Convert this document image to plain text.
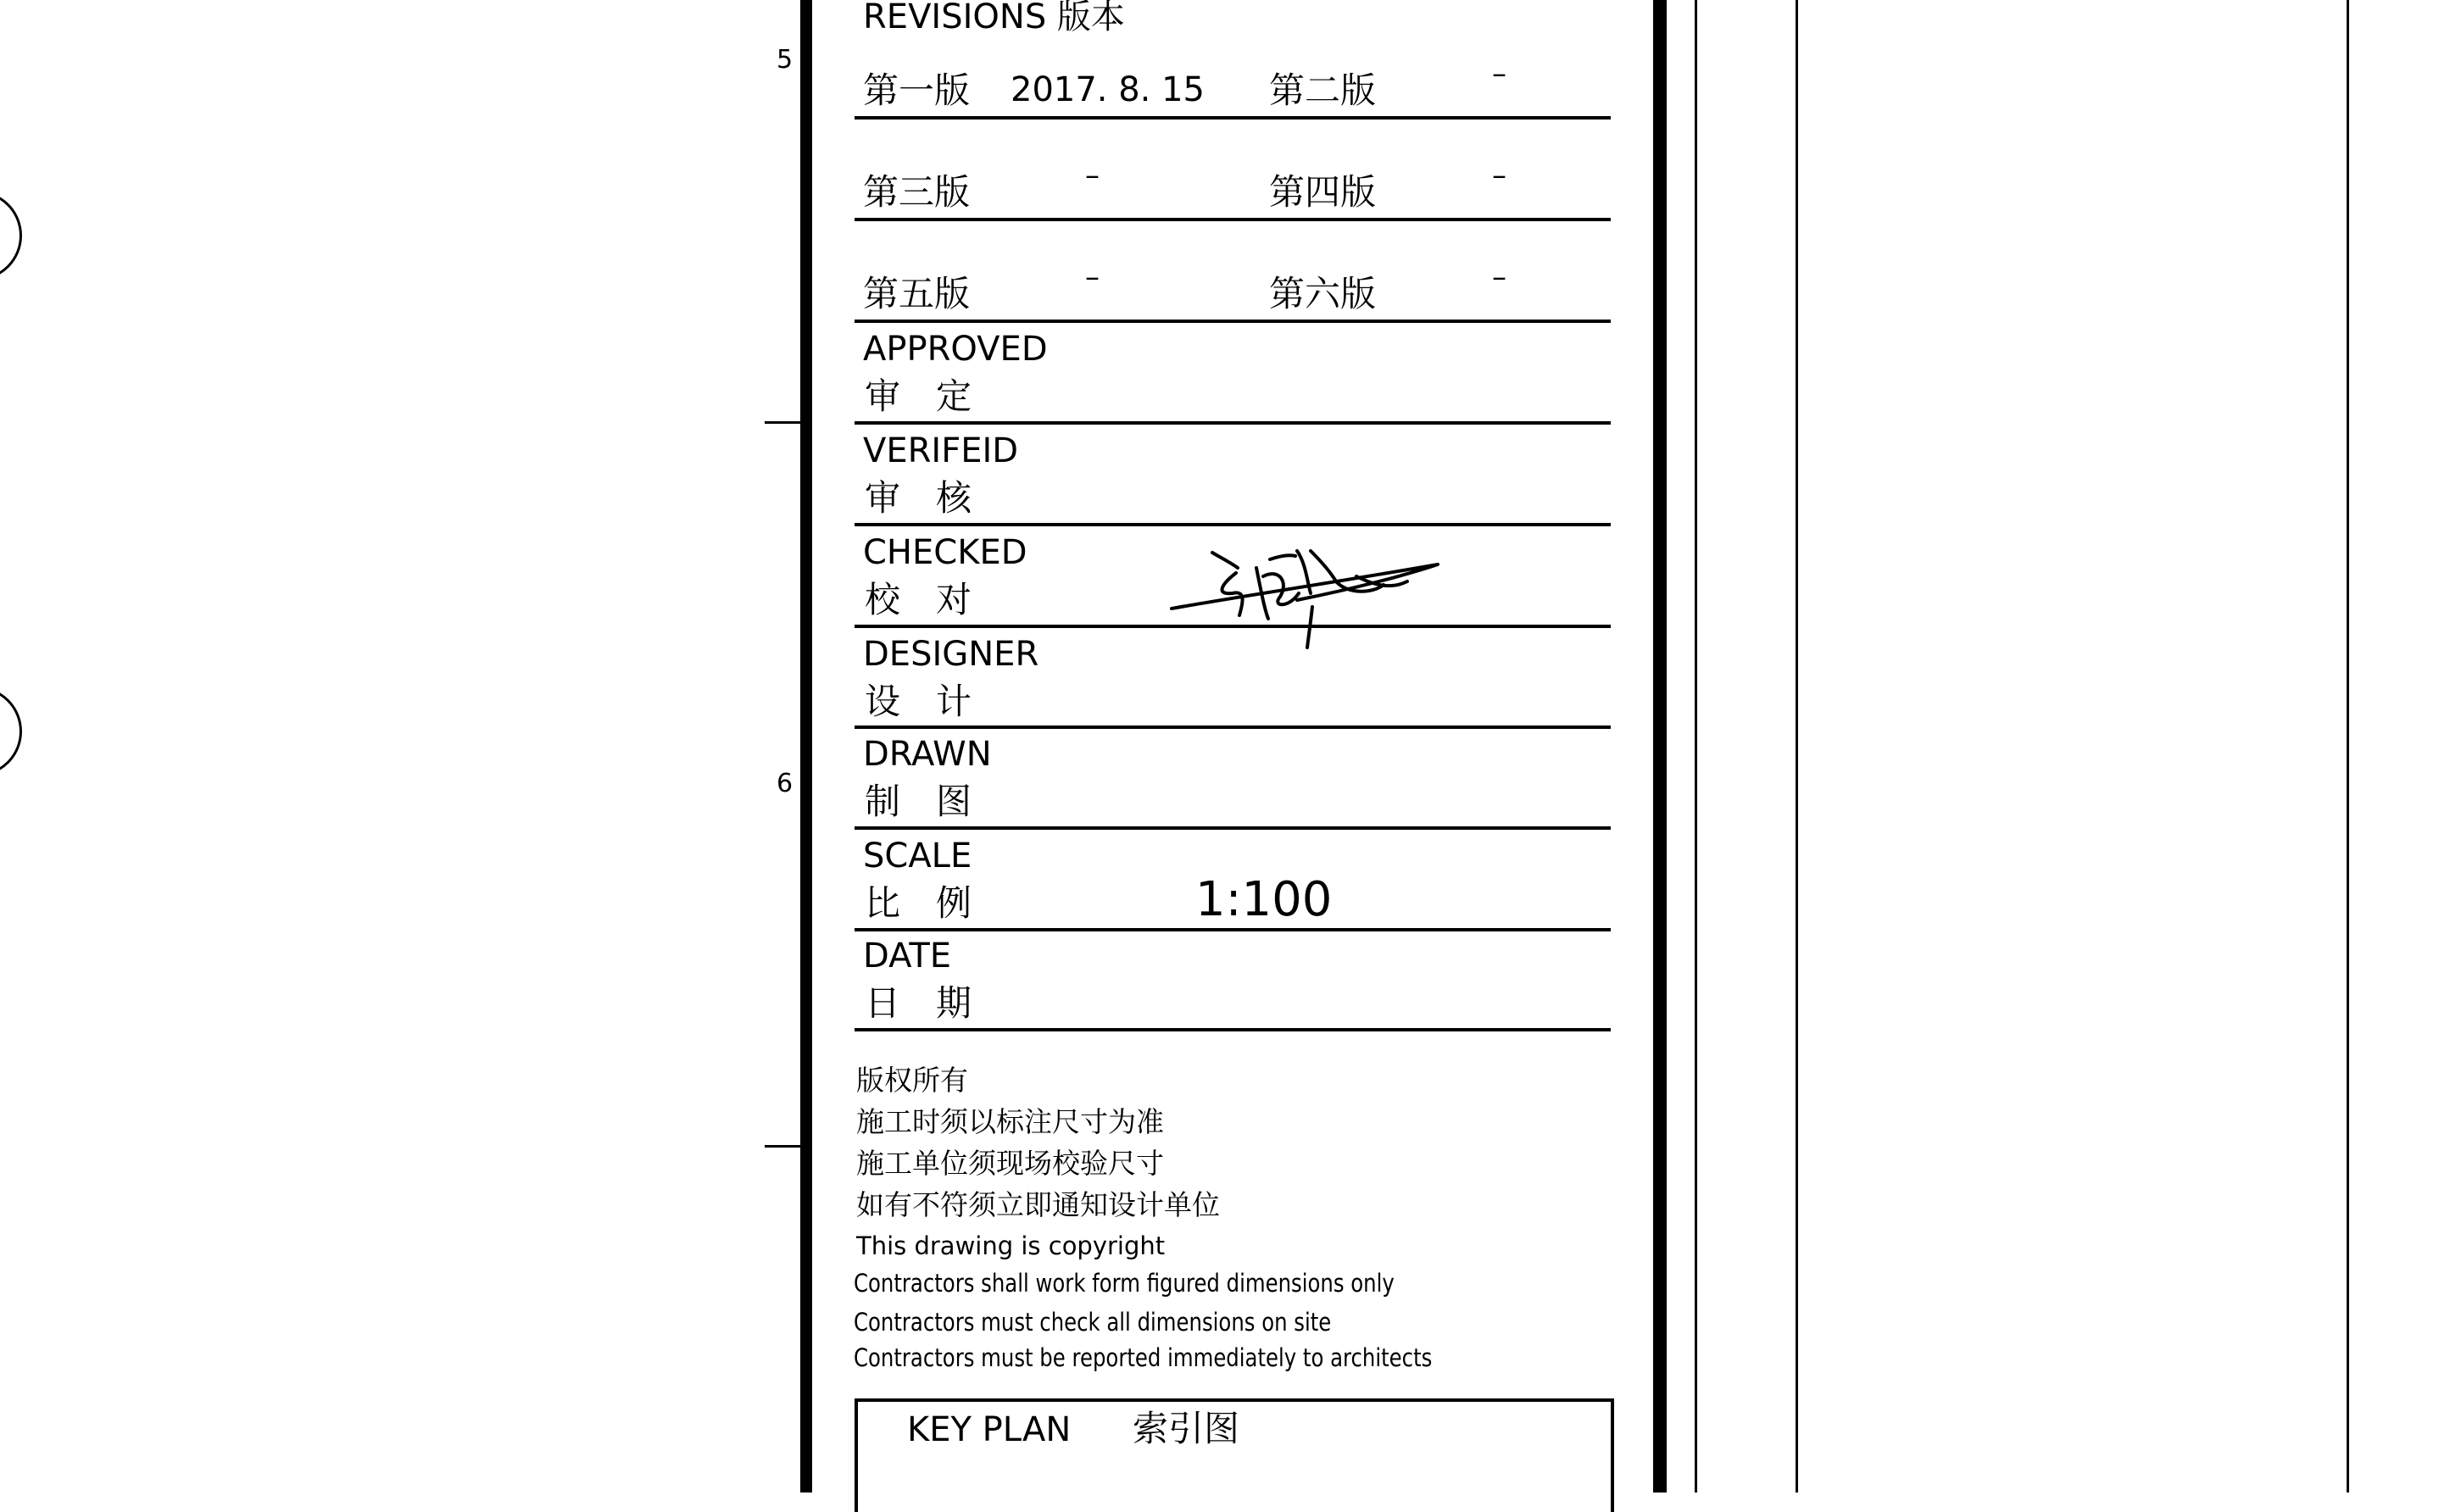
5
6
REVISIONS 版本
第一版 2017. 8. 15 第二版	–
第三版	–	第四版	–
第五版	–	第六版	–
APPROVED
审　定
VERIFEID
审　核
CHECKED
校　对
DESIGNER
设　计
DRAWN
制　图
SCALE
比　例	1:100
DATE
日　期
版权所有
施工时须以标注尺寸为准
施工单位须现场校验尺寸
如有不符须立即通知设计单位
This drawing is copyright
Contractors shall work form figured dimensions only
Contractors must check all dimensions on site
Contractors must be reported immediately to architects
KEY PLAN 索引图
